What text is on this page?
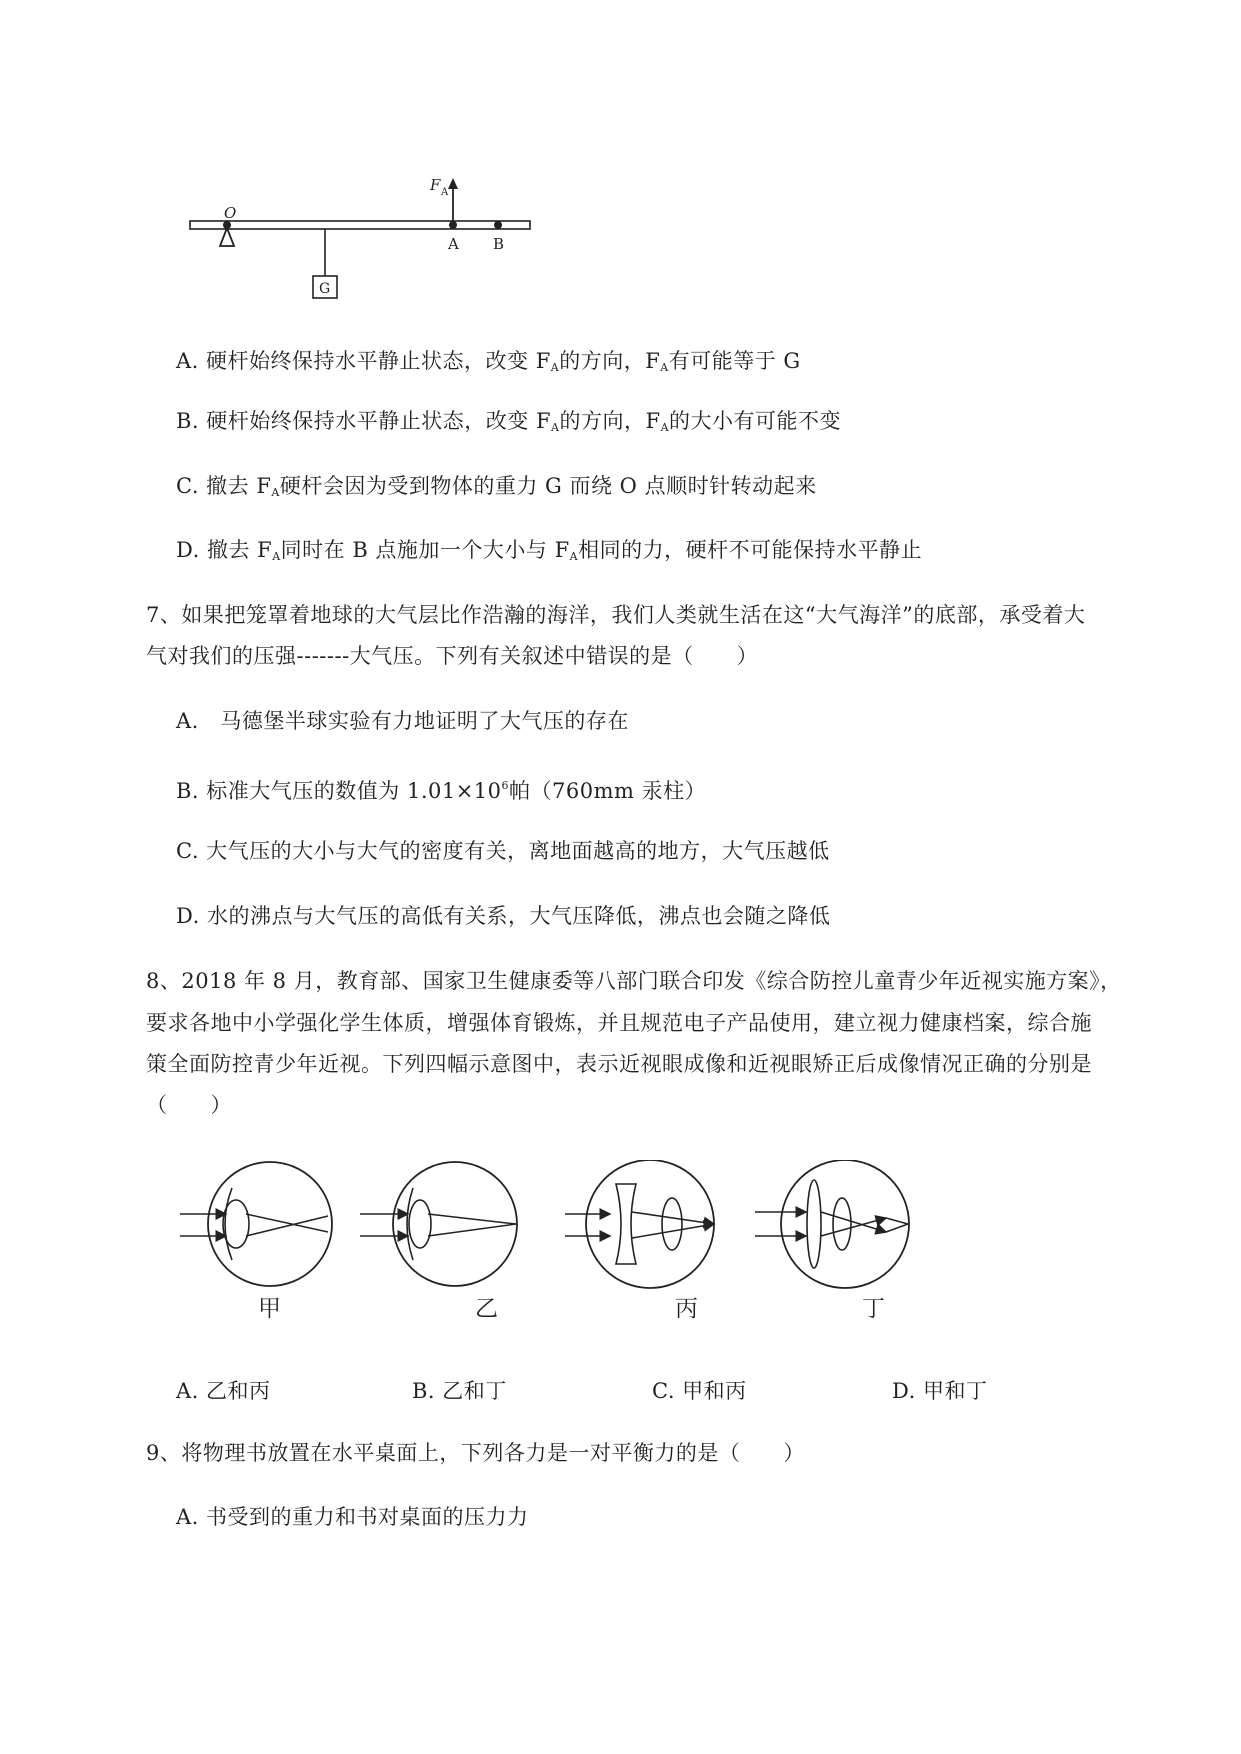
O
A B
F A
G
A. 硬杆始终保持水平静止状态，改变 $F_A$的方向，$F_A$有可能等于 G
B. 硬杆始终保持水平静止状态，改变 $F_A$的方向，$F_A$的大小有可能不变
C. 撤去 $F_A$硬杆会因为受到物体的重力 G 而绕 O 点顺时针转动起来
D. 撤去 $F_A$同时在 B 点施加一个大小与 $F_A$相同的力，硬杆不可能保持水平静止
7、如果把笼罩着地球的大气层比作浩瀚的海洋，我们人类就生活在这“大气海洋”的底部，承受着大
气对我们的压强-------大气压。下列有关叙述中错误的是（　　）
A.　马德堡半球实验有力地证明了大气压的存在
B. 标准大气压的数值为 $1.01\times 10^6$帕（760mm 汞柱）
C. 大气压的大小与大气的密度有关，离地面越高的地方，大气压越低
D. 水的沸点与大气压的高低有关系，大气压降低，沸点也会随之降低
8、2018 年 8 月，教育部、国家卫生健康委等八部门联合印发《综合防控儿童青少年近视实施方案》，
要求各地中小学强化学生体质，增强体育锻炼，并且规范电子产品使用，建立视力健康档案，综合施
策全面防控青少年近视。下列四幅示意图中，表示近视眼成像和近视眼矫正后成像情况正确的分别是
（　　）
甲	乙	丙	丁
A. 乙和丙	B. 乙和丁	C. 甲和丙	D. 甲和丁
9、将物理书放置在水平桌面上，下列各力是一对平衡力的是（　　）
A. 书受到的重力和书对桌面的压力力
